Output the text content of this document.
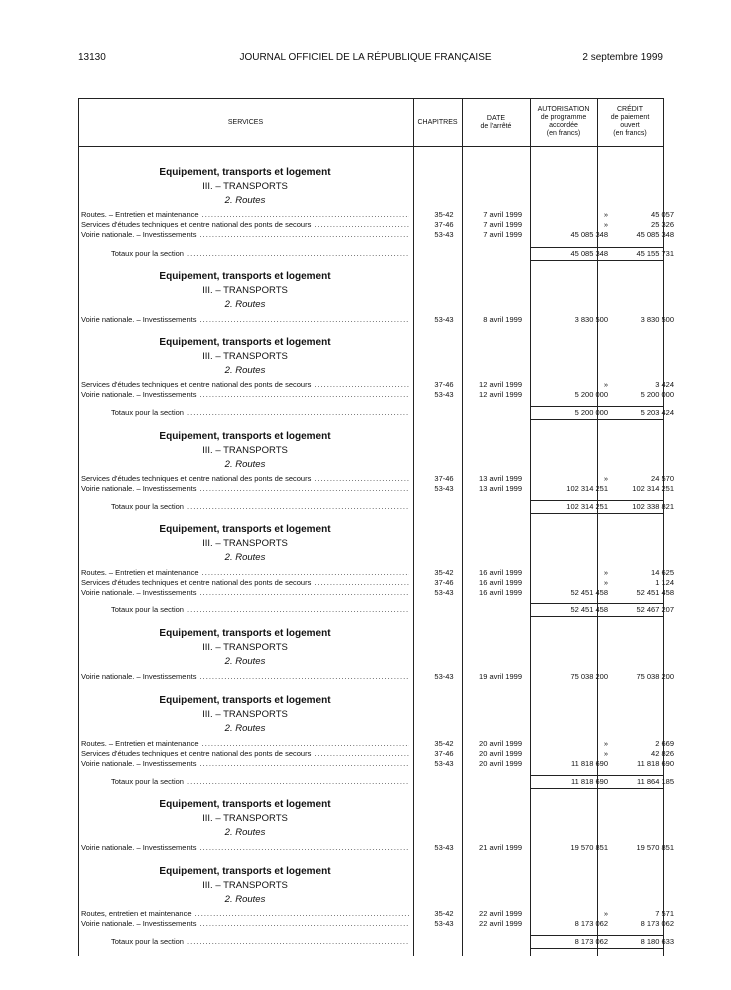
13130	JOURNAL OFFICIEL DE LA RÉPUBLIQUE FRANÇAISE	2 septembre 1999
SERVICES	CHAPITRES
DATE
de l'arrêté
AUTORISATION
de programme
accordée
(en francs)
CRÉDIT
de paiement
ouvert
(en francs)
Equipement, transports et logement
III. – TRANSPORTS
2. Routes
Routes. – Entretien et maintenance .....	35-42	7 avril 1999	»	45 057
Services d'études techniques et centre national des ponts de secours .....	37-46	7 avril 1999	»	25 326
Voirie nationale. – Investissements .....	53-43	7 avril 1999	45 085 348	45 085 348
Totaux pour la section .....	45 085 348	45 155 731
Equipement, transports et logement
III. – TRANSPORTS
2. Routes
Voirie nationale. – Investissements .....	53-43	8 avril 1999	3 830 500	3 830 500
Equipement, transports et logement
III. – TRANSPORTS
2. Routes
Services d'études techniques et centre national des ponts de secours .....	37-46	12 avril 1999	»	3 424
Voirie nationale. – Investissements .....	53-43	12 avril 1999	5 200 000	5 200 000
Totaux pour la section .....	5 200 000	5 203 424
Equipement, transports et logement
III. – TRANSPORTS
2. Routes
Services d'études techniques et centre national des ponts de secours .....	37-46	13 avril 1999	»	24 570
Voirie nationale. – Investissements .....	53-43	13 avril 1999	102 314 251	102 314 251
Totaux pour la section .....	102 314 251	102 338 821
Equipement, transports et logement
III. – TRANSPORTS
2. Routes
Routes. – Entretien et maintenance .....	35-42	16 avril 1999	»	14 625
Services d'études techniques et centre national des ponts de secours .....	37-46	16 avril 1999	»	1 124
Voirie nationale. – Investissements .....	53-43	16 avril 1999	52 451 458	52 451 458
Totaux pour la section .....	52 451 458	52 467 207
Equipement, transports et logement
III. – TRANSPORTS
2. Routes
Voirie nationale. – Investissements .....	53-43	19 avril 1999	75 038 200	75 038 200
Equipement, transports et logement
III. – TRANSPORTS
2. Routes
Routes. – Entretien et maintenance .....	35-42	20 avril 1999	»	2 669
Services d'études techniques et centre national des ponts de secours .....	37-46	20 avril 1999	»	42 826
Voirie nationale. – Investissements .....	53-43	20 avril 1999	11 818 690	11 818 690
Totaux pour la section .....	11 818 690	11 864 185
Equipement, transports et logement
III. – TRANSPORTS
2. Routes
Voirie nationale. – Investissements .....	53-43	21 avril 1999	19 570 851	19 570 851
Equipement, transports et logement
III. – TRANSPORTS
2. Routes
Routes, entretien et maintenance .....	35-42	22 avril 1999	»	7 571
Voirie nationale. – Investissements .....	53-43	22 avril 1999	8 173 062	8 173 062
Totaux pour la section .....	8 173 062	8 180 633
